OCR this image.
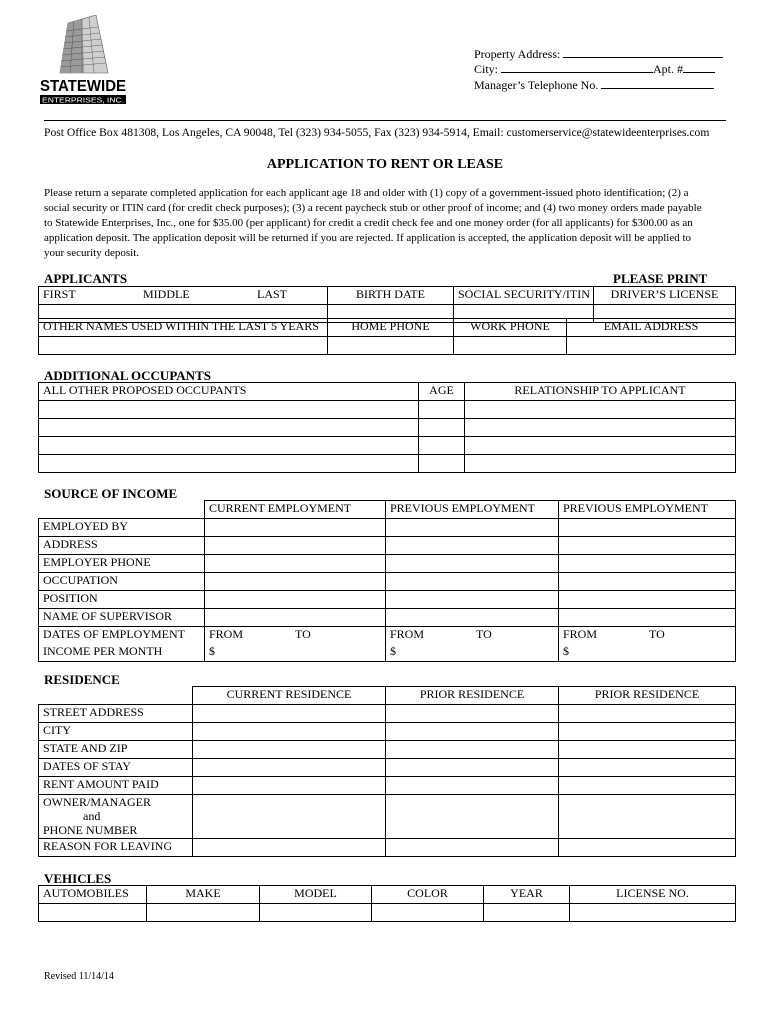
STATEWIDE
ENTERPRISES, INC.
Property Address:
City:	Apt. #
Manager’s Telephone No.
Post Office Box 481308, Los Angeles, CA 90048, Tel (323) 934-5055, Fax (323) 934-5914, Email: customerservice@statewideenterprises.com
APPLICATION TO RENT OR LEASE
Please return a separate completed application for each applicant age 18 and older with (1) copy of a government-issued photo identification; (2) a
social security or ITIN card (for credit check purposes); (3) a recent paycheck stub or other proof of income; and (4) two money orders made payable
to Statewide Enterprises, Inc., one for $35.00 (per applicant) for credit a credit check fee and one money order (for all applicants) for $300.00 as an
application deposit. The application deposit will be returned if you are rejected. If application is accepted, the application deposit will be applied to
your security deposit.
APPLICANTS	PLEASE PRINT
FIRST MIDDLE LAST	BIRTH DATE	SOCIAL SECURITY/ITIN	DRIVER’S LICENSE

OTHER NAMES USED WITHIN THE LAST 5 YEARS	HOME PHONE	WORK PHONE	EMAIL ADDRESS

ADDITIONAL OCCUPANTS
ALL OTHER PROPOSED OCCUPANTS	AGE	RELATIONSHIP TO APPLICANT

SOURCE OF INCOME
	CURRENT EMPLOYMENT	PREVIOUS EMPLOYMENT	PREVIOUS EMPLOYMENT
EMPLOYED BY			
ADDRESS			
EMPLOYER PHONE			
OCCUPATION			
POSITION			
NAME OF SUPERVISOR			
DATES OF EMPLOYMENT	FROM TO	FROM TO	FROM TO

INCOME PER MONTH	$	$	$
RESIDENCE
	CURRENT RESIDENCE	PRIOR RESIDENCE	PRIOR RESIDENCE
STREET ADDRESS			
CITY			
STATE AND ZIP			
DATES OF STAY			
RENT AMOUNT PAID			

OWNER/MANAGER
and
PHONE NUMBER			

REASON FOR LEAVING			
VEHICLES
AUTOMOBILES	MAKE	MODEL	COLOR	YEAR	LICENSE NO.

Revised 11/14/14
